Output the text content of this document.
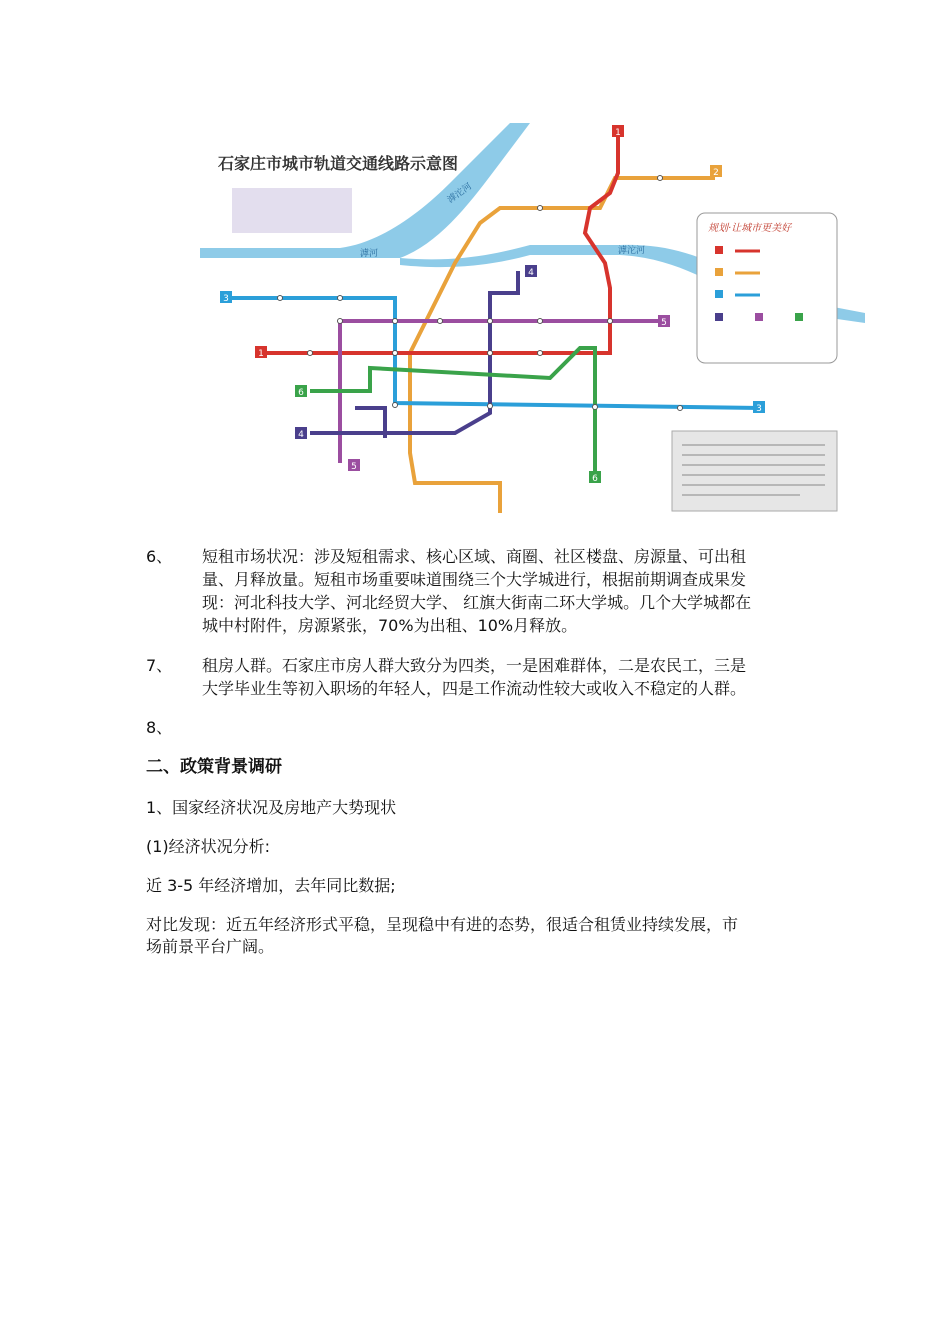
滹沱河
滹沱河
滹河
石家庄市城市轨道交通线路示意图
规划·让城市更美好
1
2
4
3
5
1
6
3
4
5
6
6、 短租市场状况：涉及短租需求、核心区域、商圈、社区楼盘、房源量、可出租
量、月释放量。短租市场重要味道围绕三个大学城进行，根据前期调查成果发
现：河北科技大学、河北经贸大学、 红旗大街南二环大学城。几个大学城都在
城中村附件，房源紧张，70%为出租、10%月释放。
7、 租房人群。石家庄市房人群大致分为四类，一是困难群体，二是农民工，三是
大学毕业生等初入职场的年轻人，四是工作流动性较大或收入不稳定的人群。
8、
二、政策背景调研
1、国家经济状况及房地产大势现状
(1)经济状况分析:
近 3-5 年经济增加，去年同比数据;
对比发现：近五年经济形式平稳，呈现稳中有进的态势，很适合租赁业持续发展，市
场前景平台广阔。
